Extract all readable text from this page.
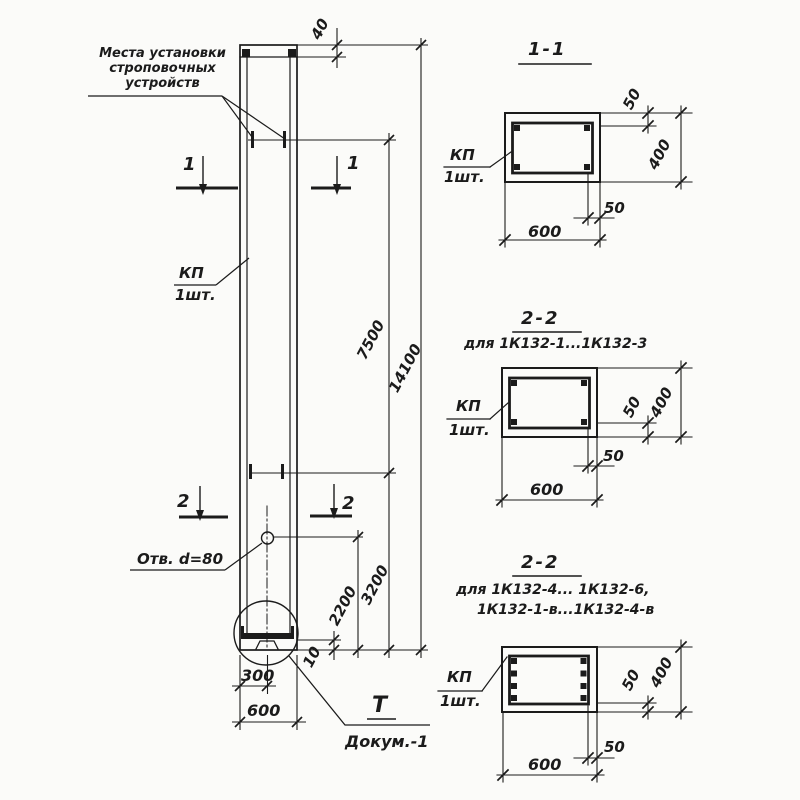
Места установки
строповочных
устройств
1	1
2	2
КП
1шт.
Отв. d=80
40
7500
14100
2200
3200
10
300
600	Т
Докум.-1
1-1
КП
1шт.
50
400
50
600
2-2
для 1К132-1...1К132-3
КП
1шт.
50 400
50
600
2-2
для 1К132-4... 1К132-6,
1К132-1-в...1К132-4-в
КП
1шт.
50 400
50
600
